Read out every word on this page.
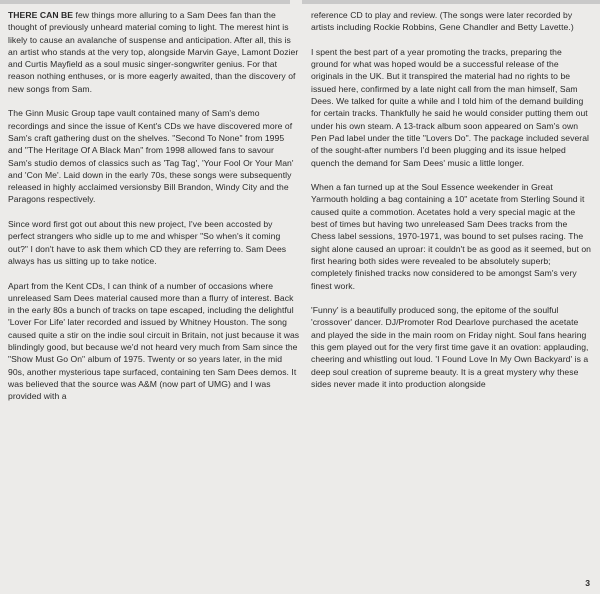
THERE CAN BE few things more alluring to a Sam Dees fan than the thought of previously unheard material coming to light. The merest hint is likely to cause an avalanche of suspense and anticipation. After all, this is an artist who stands at the very top, alongside Marvin Gaye, Lamont Dozier and Curtis Mayfield as a soul music singer-songwriter genius. For that reason nothing enthuses, or is more eagerly awaited, than the discovery of new songs from Sam.

The Ginn Music Group tape vault contained many of Sam's demo recordings and since the issue of Kent's CDs we have discovered more of Sam's craft gathering dust on the shelves. "Second To None" from 1995 and "The Heritage Of A Black Man" from 1998 allowed fans to savour Sam's studio demos of classics such as 'Tag Tag', 'Your Fool Or Your Man' and 'Con Me'. Laid down in the early 70s, these songs were subsequently released in highly acclaimed versionsby Bill Brandon, Windy City and the Paragons respectively.

Since word first got out about this new project, I've been accosted by perfect strangers who sidle up to me and whisper "So when's it coming out?" I don't have to ask them which CD they are referring to. Sam Dees always has us sitting up to take notice.

Apart from the Kent CDs, I can think of a number of occasions where unreleased Sam Dees material caused more than a flurry of interest. Back in the early 80s a bunch of tracks on tape escaped, including the delightful 'Lover For Life' later recorded and issued by Whitney Houston. The song caused quite a stir on the indie soul circuit in Britain, not just because it was blindingly good, but because we'd not heard very much from Sam since the "Show Must Go On" album of 1975. Twenty or so years later, in the mid 90s, another mysterious tape surfaced, containing ten Sam Dees demos. It was believed that the source was A&M (now part of UMG) and I was provided with a

reference CD to play and review. (The songs were later recorded by artists including Rockie Robbins, Gene Chandler and Betty Lavette.)

I spent the best part of a year promoting the tracks, preparing the ground for what was hoped would be a successful release of the originals in the UK. But it transpired the material had no rights to be issued here, confirmed by a late night call from the man himself, Sam Dees. We talked for quite a while and I told him of the demand building for certain tracks. Thankfully he said he would consider putting them out under his own steam. A 13-track album soon appeared on Sam's own Pen Pad label under the title "Lovers Do". The package included several of the sought-after numbers I'd been plugging and its issue helped quench the demand for Sam Dees' music a little longer.

When a fan turned up at the Soul Essence weekender in Great Yarmouth holding a bag containing a 10" acetate from Sterling Sound it caused quite a commotion. Acetates hold a very special magic at the best of times but having two unreleased Sam Dees tracks from the Chess label sessions, 1970-1971, was bound to set pulses racing. The sight alone caused an uproar: it couldn't be as good as it seemed, but on first hearing both sides were revealed to be absolutely superb; completely finished tracks now considered to be amongst Sam's very finest work.

'Funny' is a beautifully produced song, the epitome of the soulful 'crossover' dancer. DJ/Promoter Rod Dearlove purchased the acetate and played the side in the main room on Friday night. Soul fans hearing this gem played out for the very first time gave it an ovation: applauding, cheering and whistling out loud. 'I Found Love In My Own Backyard' is a deep soul creation of supreme beauty. It is a great mystery why these sides never made it into production alongside

3
